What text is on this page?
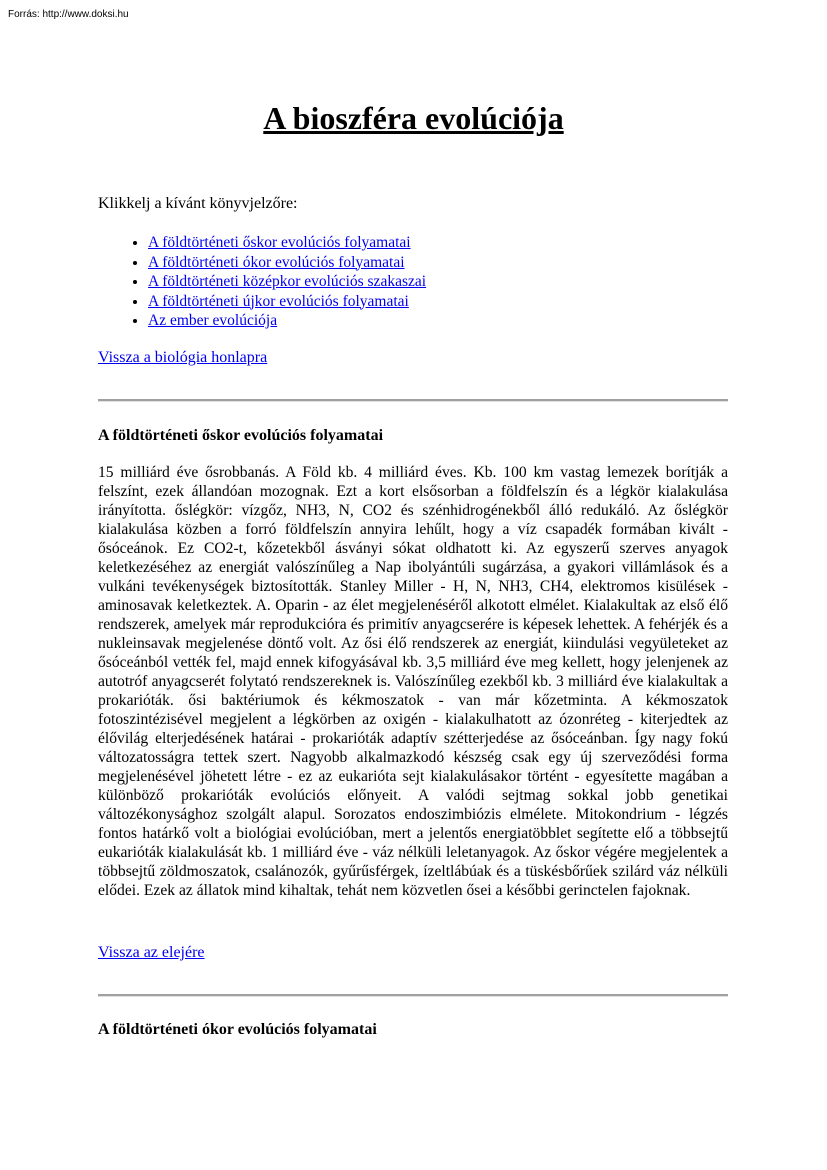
Forrás: http://www.doksi.hu
A bioszféra evolúciója

Klikkelj a kívánt könyvjelzőre:

• A földtörténeti őskor evolúciós folyamatai
• A földtörténeti ókor evolúciós folyamatai
• A földtörténeti középkor evolúciós szakaszai
• A földtörténeti újkor evolúciós folyamatai
• Az ember evolúciója

Vissza a biológia honlapra

A földtörténeti őskor evolúciós folyamatai

15 milliárd éve ősrobbanás. A Föld kb. 4 milliárd éves. Kb. 100 km vastag lemezek borítják a felszínt, ezek állandóan mozognak. Ezt a kort elsősorban a földfelszín és a légkör kialakulása irányította. őslégkör: vízgőz, NH3, N, CO2 és szénhidrogénekből álló redukáló. Az őslégkör kialakulása közben a forró földfelszín annyira lehűlt, hogy a víz csapadék formában kivált - ősóceánok. Ez CO2-t, kőzetekből ásványi sókat oldhatott ki. Az egyszerű szerves anyagok keletkezéséhez az energiát valószínűleg a Nap ibolyántúli sugárzása, a gyakori villámlások és a vulkáni tevékenységek biztosították. Stanley Miller - H, N, NH3, CH4, elektromos kisülések - aminosavak keletkeztek. A. Oparin - az élet megjelenéséről alkotott elmélet. Kialakultak az első élő rendszerek, amelyek már reprodukcióra és primitív anyagcserére is képesek lehettek. A fehérjék és a nukleinsavak megjelenése döntő volt. Az ősi élő rendszerek az energiát, kiindulási vegyületeket az ősóceánból vették fel, majd ennek kifogyásával kb. 3,5 milliárd éve meg kellett, hogy jelenjenek az autotróf anyagcserét folytató rendszereknek is. Valószínűleg ezekből kb. 3 milliárd éve kialakultak a prokarióták. ősi baktériumok és kékmoszatok - van már kőzetminta. A kékmoszatok fotoszintézisével megjelent a légkörben az oxigén - kialakulhatott az ózonréteg - kiterjedtek az élővilág elterjedésének határai - prokarióták adaptív szétterjedése az ősóceánban. Így nagy fokú változatosságra tettek szert. Nagyobb alkalmazkodó készség csak egy új szerveződési forma megjelenésével jöhetett létre - ez az eukarióta sejt kialakulásakor történt - egyesítette magában a különböző prokarióták evolúciós előnyeit. A valódi sejtmag sokkal jobb genetikai változékonysághoz szolgált alapul. Sorozatos endoszimbiózis elmélete. Mitokondrium - légzés fontos határkő volt a biológiai evolúcióban, mert a jelentős energiatöbblet segítette elő a többsejtű eukarióták kialakulását kb. 1 milliárd éve - váz nélküli leletanyagok. Az őskor végére megjelentek a többsejtű zöldmoszatok, csalánozók, gyűrűsférgek, ízeltlábúak és a tüskésbőrűek szilárd váz nélküli elődei. Ezek az állatok mind kihaltak, tehát nem közvetlen ősei a későbbi gerinctelen fajoknak.

Vissza az elejére

A földtörténeti ókor evolúciós folyamatai
